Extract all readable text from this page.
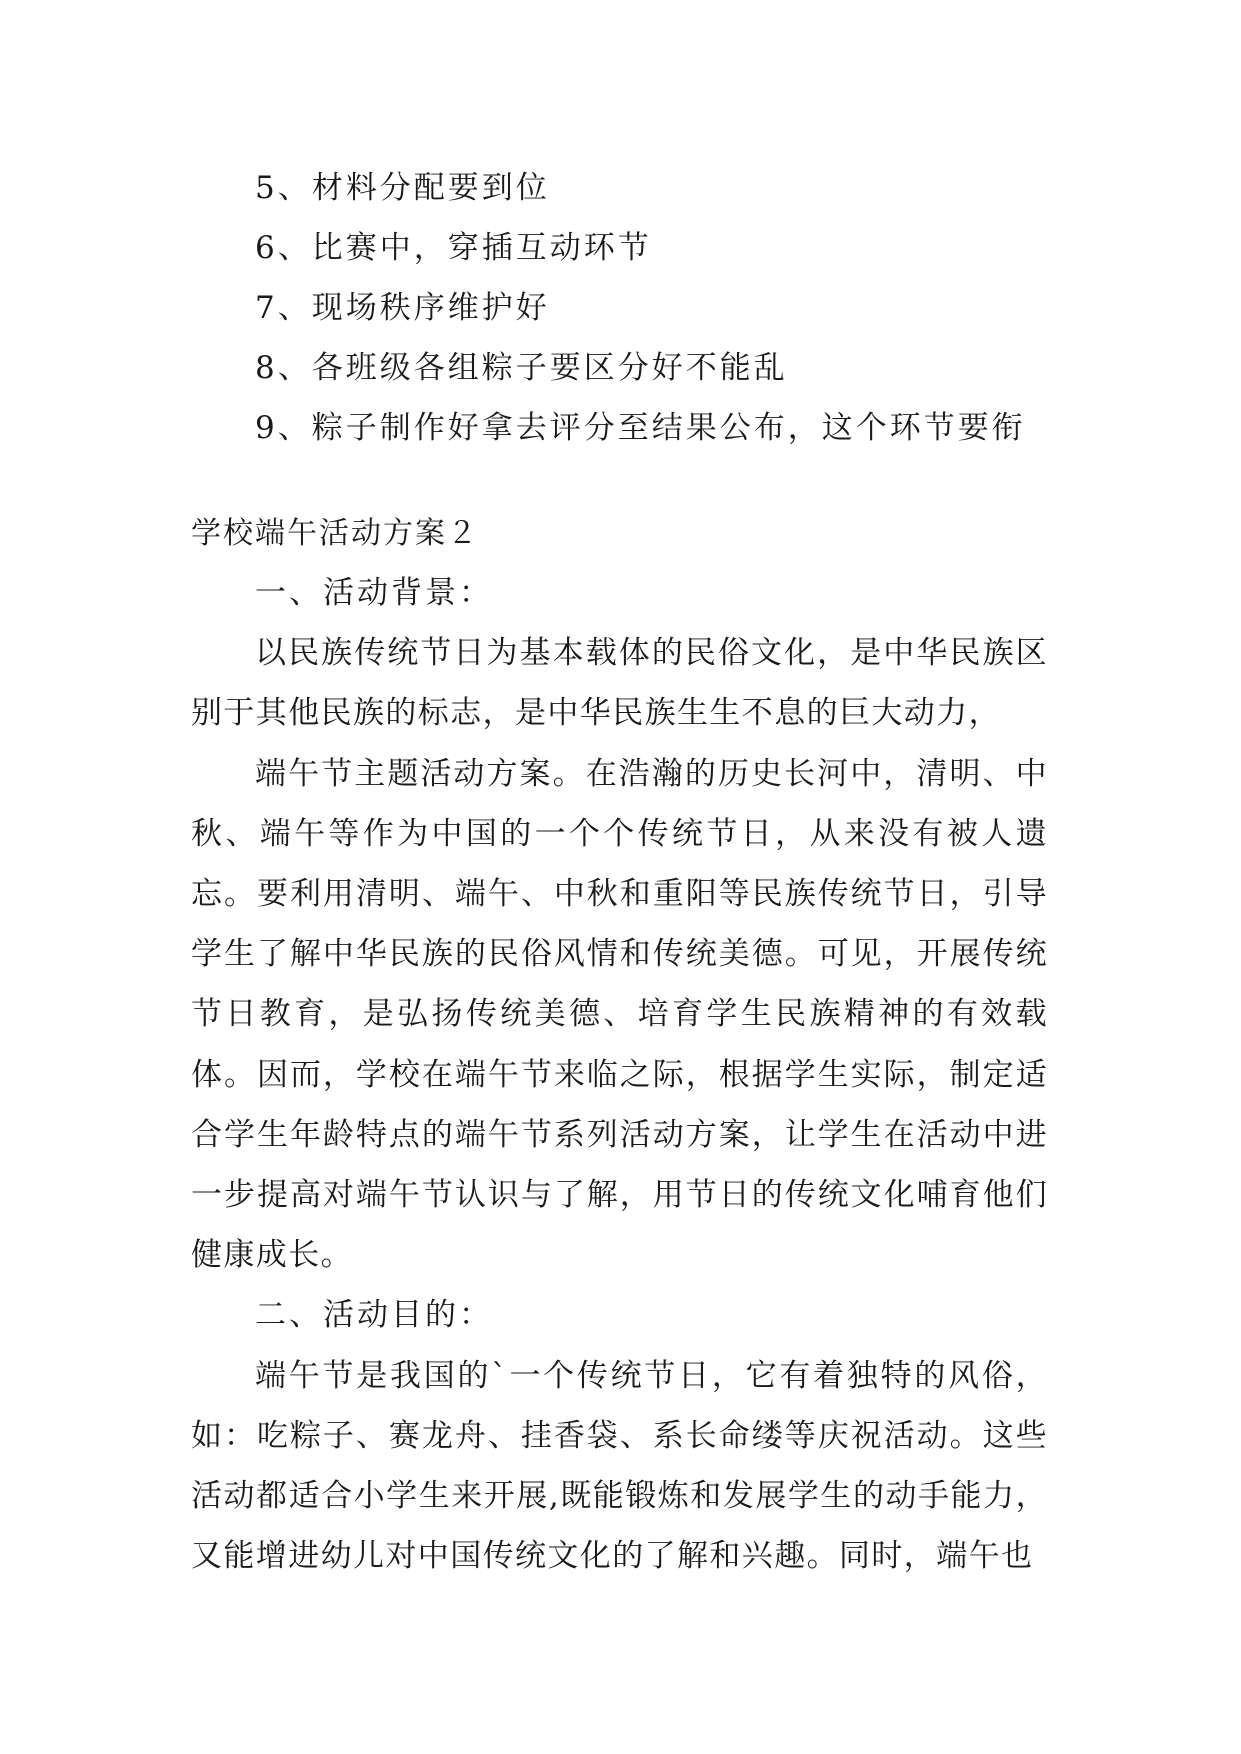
5、材料分配要到位
6、比赛中，穿插互动环节
7、现场秩序维护好
8、各班级各组粽子要区分好不能乱
9、粽子制作好拿去评分至结果公布，这个环节要衔
学校端午活动方案２

一、活动背景：

以民族传统节日为基本载体的民俗文化，是中华民族区别于其他民族的标志，是中华民族生生不息的巨大动力，

端午节主题活动方案。在浩瀚的历史长河中，清明、中秋、端午等作为中国的一个个传统节日，从来没有被人遗忘。要利用清明、端午、中秋和重阳等民族传统节日，引导学生了解中华民族的民俗风情和传统美德。可见，开展传统节日教育，是弘扬传统美德、培育学生民族精神的有效载体。因而，学校在端午节来临之际，根据学生实际，制定适合学生年龄特点的端午节系列活动方案，让学生在活动中进一步提高对端午节认识与了解，用节日的传统文化哺育他们健康成长。

二、活动目的：

端午节是我国的`一个传统节日，它有着独特的风俗，如：吃粽子、赛龙舟、挂香袋、系长命缕等庆祝活动。这些活动都适合小学生来开展,既能锻炼和发展学生的动手能力，又能增进幼儿对中国传统文化的了解和兴趣。同时，端午也
